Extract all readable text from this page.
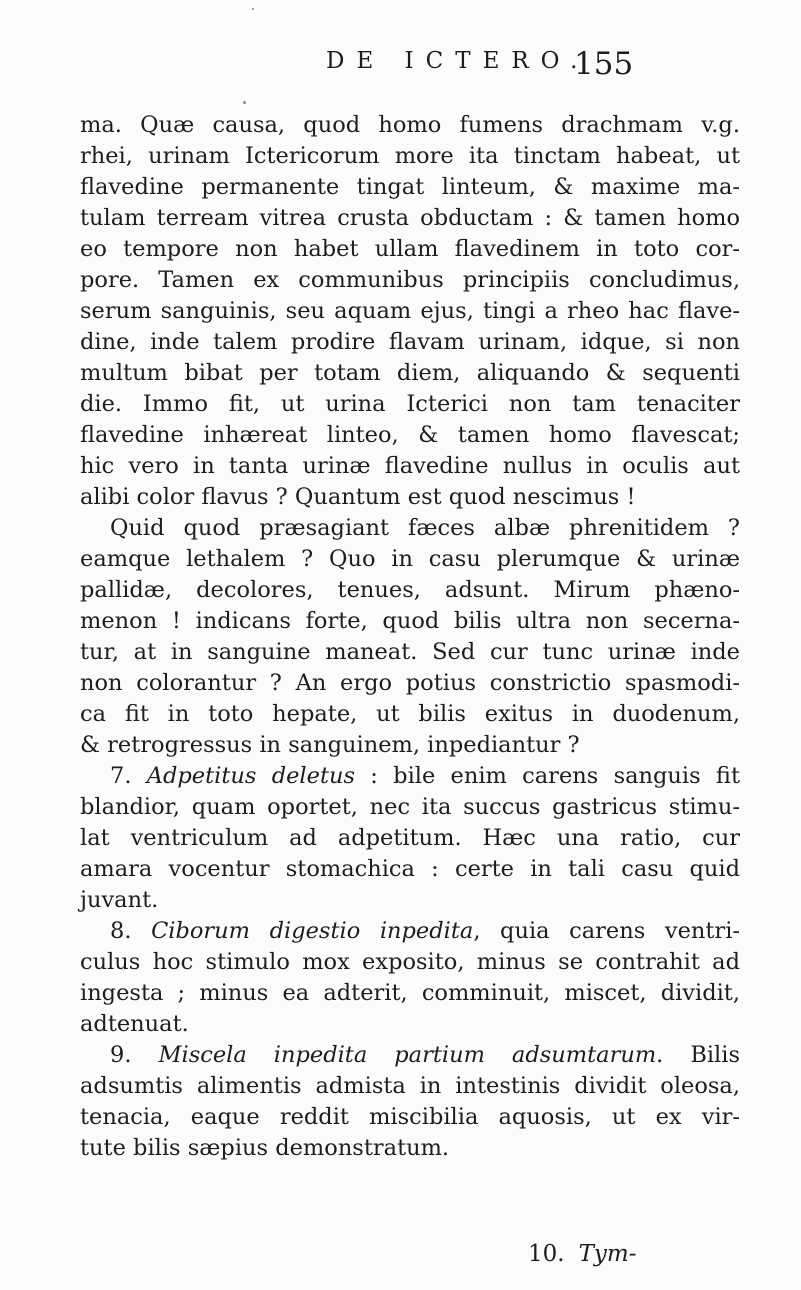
DE ICTERO.
155
ma. Quæ causa, quod homo fumens drachmam v.g.
rhei, urinam Ictericorum more ita tinctam habeat, ut
flavedine permanente tingat linteum, & maxime ma-
tulam terream vitrea crusta obductam : & tamen homo
eo tempore non habet ullam flavedinem in toto cor-
pore. Tamen ex communibus principiis concludimus,
serum sanguinis, seu aquam ejus, tingi a rheo hac flave-
dine, inde talem prodire flavam urinam, idque, si non
multum bibat per totam diem, aliquando & sequenti
die. Immo fit, ut urina Icterici non tam tenaciter
flavedine inhæreat linteo, & tamen homo flavescat;
hic vero in tanta urinæ flavedine nullus in oculis aut
alibi color flavus ? Quantum est quod nescimus !
Quid quod præsagiant fæces albæ phrenitidem ?
eamque lethalem ? Quo in casu plerumque & urinæ
pallidæ, decolores, tenues, adsunt. Mirum phæno-
menon ! indicans forte, quod bilis ultra non secerna-
tur, at in sanguine maneat. Sed cur tunc urinæ inde
non colorantur ? An ergo potius constrictio spasmodi-
ca fit in toto hepate, ut bilis exitus in duodenum,
& retrogressus in sanguinem, inpediantur ?
7. Adpetitus deletus : bile enim carens sanguis fit
blandior, quam oportet, nec ita succus gastricus stimu-
lat ventriculum ad adpetitum. Hæc una ratio, cur
amara vocentur stomachica : certe in tali casu quid
juvant.
8. Ciborum digestio inpedita, quia carens ventri-
culus hoc stimulo mox exposito, minus se contrahit ad
ingesta ; minus ea adterit, comminuit, miscet, dividit,
adtenuat.
9. Miscela inpedita partium adsumtarum. Bilis
adsumtis alimentis admista in intestinis dividit oleosa,
tenacia, eaque reddit miscibilia aquosis, ut ex vir-
tute bilis sæpius demonstratum.
10. Tym-
